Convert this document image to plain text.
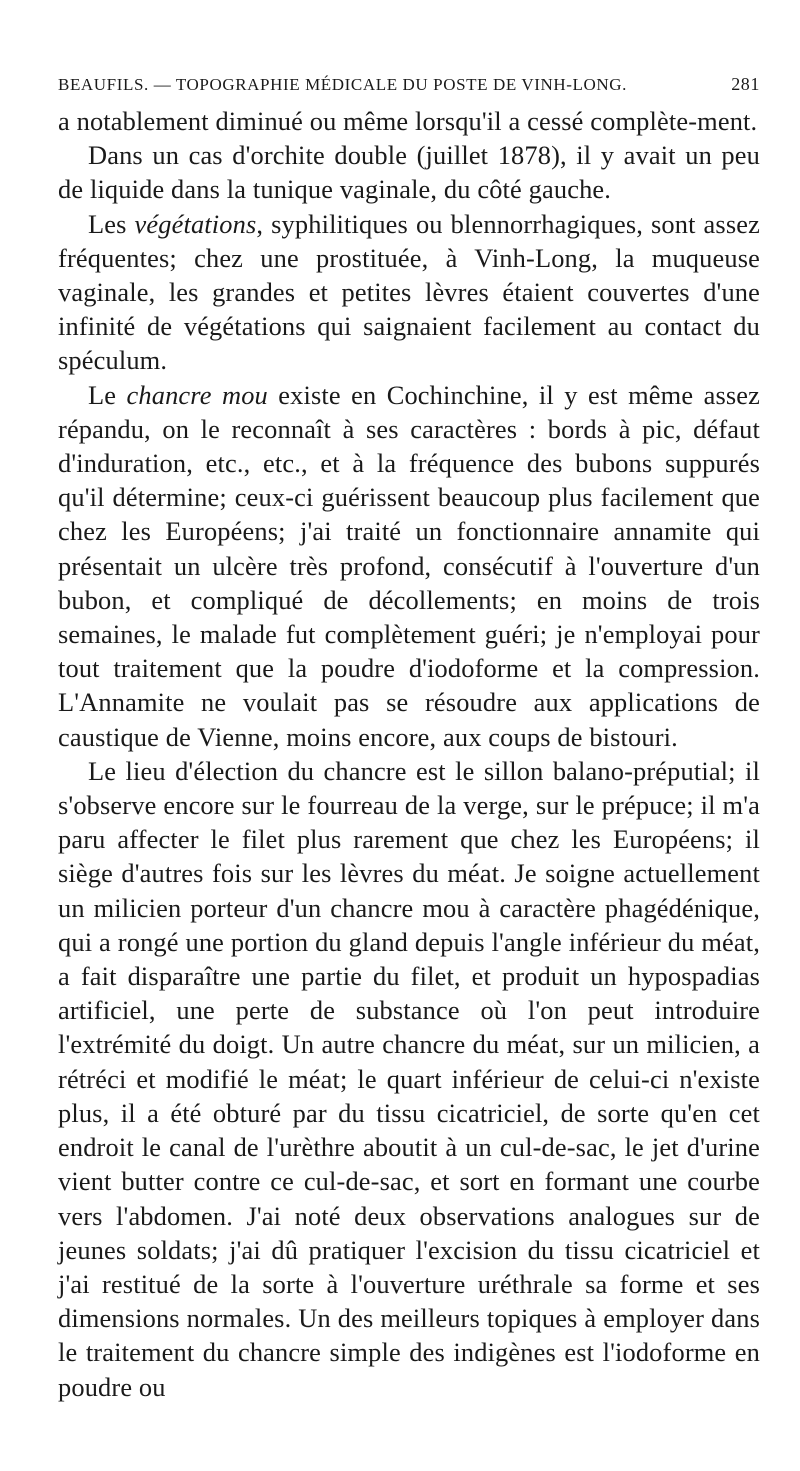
BEAUFILS. — TOPOGRAPHIE MÉDICALE DU POSTE DE VINH-LONG.	281

a notablement diminué ou même lorsqu'il a cessé complète-ment.

Dans un cas d'orchite double (juillet 1878), il y avait un peu de liquide dans la tunique vaginale, du côté gauche.

Les végétations, syphilitiques ou blennorrhagiques, sont assez fréquentes; chez une prostituée, à Vinh-Long, la muqueuse vaginale, les grandes et petites lèvres étaient couvertes d'une infinité de végétations qui saignaient facilement au contact du spéculum.

Le chancre mou existe en Cochinchine, il y est même assez répandu, on le reconnaît à ses caractères : bords à pic, défaut d'induration, etc., etc., et à la fréquence des bubons suppurés qu'il détermine; ceux-ci guérissent beaucoup plus facilement que chez les Européens; j'ai traité un fonctionnaire annamite qui présentait un ulcère très profond, consécutif à l'ouverture d'un bubon, et compliqué de décollements; en moins de trois semaines, le malade fut complètement guéri; je n'employai pour tout traitement que la poudre d'iodoforme et la compression. L'Annamite ne voulait pas se résoudre aux applications de caustique de Vienne, moins encore, aux coups de bistouri.

Le lieu d'élection du chancre est le sillon balano-préputial; il s'observe encore sur le fourreau de la verge, sur le prépuce; il m'a paru affecter le filet plus rarement que chez les Européens; il siège d'autres fois sur les lèvres du méat. Je soigne actuellement un milicien porteur d'un chancre mou à caractère phagédénique, qui a rongé une portion du gland depuis l'angle inférieur du méat, a fait disparaître une partie du filet, et produit un hypospadias artificiel, une perte de substance où l'on peut introduire l'extrémité du doigt. Un autre chancre du méat, sur un milicien, a rétréci et modifié le méat; le quart inférieur de celui-ci n'existe plus, il a été obturé par du tissu cicatriciel, de sorte qu'en cet endroit le canal de l'urèthre aboutit à un cul-de-sac, le jet d'urine vient butter contre ce cul-de-sac, et sort en formant une courbe vers l'abdomen. J'ai noté deux observations analogues sur de jeunes soldats; j'ai dû pratiquer l'excision du tissu cicatriciel et j'ai restitué de la sorte à l'ouverture uréthrale sa forme et ses dimensions normales. Un des meilleurs topiques à employer dans le traitement du chancre simple des indigènes est l'iodoforme en poudre ou
